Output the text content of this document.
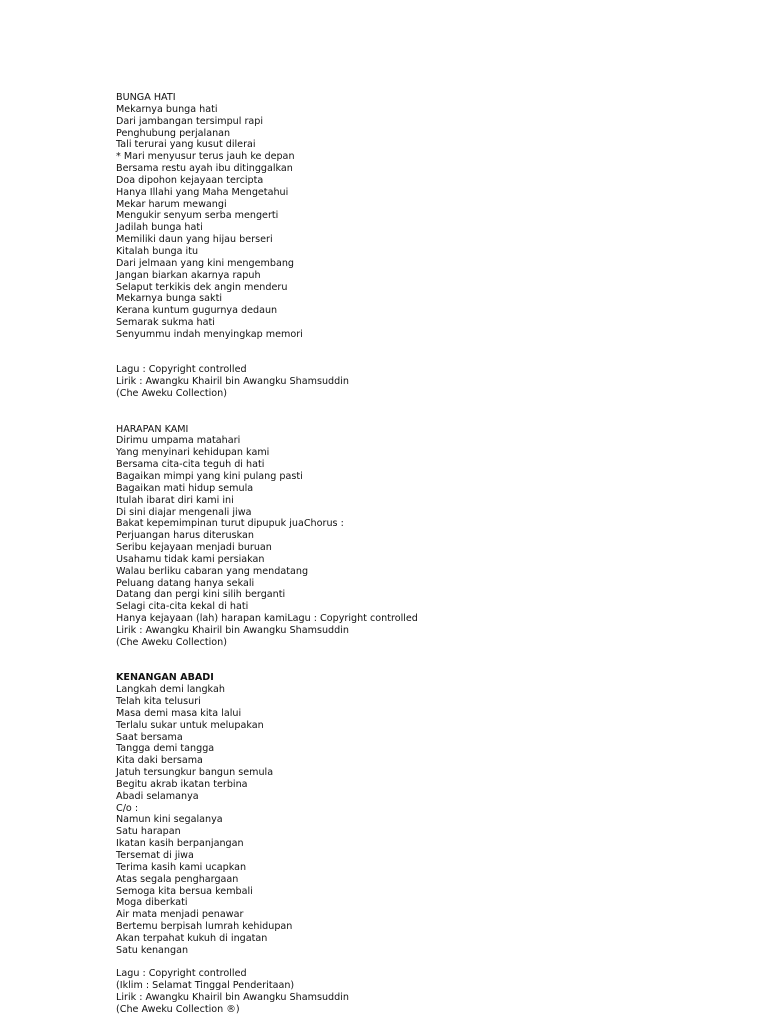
BUNGA HATI
Mekarnya bunga hati
Dari jambangan tersimpul rapi
Penghubung perjalanan
Tali terurai yang kusut dilerai
* Mari menyusur terus jauh ke depan
Bersama restu ayah ibu ditinggalkan
Doa dipohon kejayaan tercipta
Hanya Illahi yang Maha Mengetahui
Mekar harum mewangi
Mengukir senyum serba mengerti
Jadilah bunga hati
Memiliki daun yang hijau berseri
Kitalah bunga itu
Dari jelmaan yang kini mengembang
Jangan biarkan akarnya rapuh
Selaput terkikis dek angin menderu
Mekarnya bunga sakti
Kerana kuntum gugurnya dedaun
Semarak sukma hati
Senyummu indah menyingkap memori
Lagu : Copyright controlled
Lirik : Awangku Khairil bin Awangku Shamsuddin
(Che Aweku Collection)
HARAPAN KAMI
Dirimu umpama matahari
Yang menyinari kehidupan kami
Bersama cita-cita teguh di hati
Bagaikan mimpi yang kini pulang pasti
Bagaikan mati hidup semula
Itulah ibarat diri kami ini
Di sini diajar mengenali jiwa
Bakat kepemimpinan turut dipupuk juaChorus :
Perjuangan harus diteruskan
Seribu kejayaan menjadi buruan
Usahamu tidak kami persiakan
Walau berliku cabaran yang mendatang
Peluang datang hanya sekali
Datang dan pergi kini silih berganti
Selagi cita-cita kekal di hati
Hanya kejayaan (lah) harapan kamiLagu : Copyright controlled
Lirik : Awangku Khairil bin Awangku Shamsuddin
(Che Aweku Collection)
KENANGAN ABADI
Langkah demi langkah
Telah kita telusuri
Masa demi masa kita lalui
Terlalu sukar untuk melupakan
Saat bersama
Tangga demi tangga
Kita daki bersama
Jatuh tersungkur bangun semula
Begitu akrab ikatan terbina
Abadi selamanya
C/o :
Namun kini segalanya
Satu harapan
Ikatan kasih berpanjangan
Tersemat di jiwa
Terima kasih kami ucapkan
Atas segala penghargaan
Semoga kita bersua kembali
Moga diberkati
Air mata menjadi penawar
Bertemu berpisah lumrah kehidupan
Akan terpahat kukuh di ingatan
Satu kenangan
Lagu : Copyright controlled
(Iklim : Selamat Tinggal Penderitaan)
Lirik : Awangku Khairil bin Awangku Shamsuddin
(Che Aweku Collection ®)
